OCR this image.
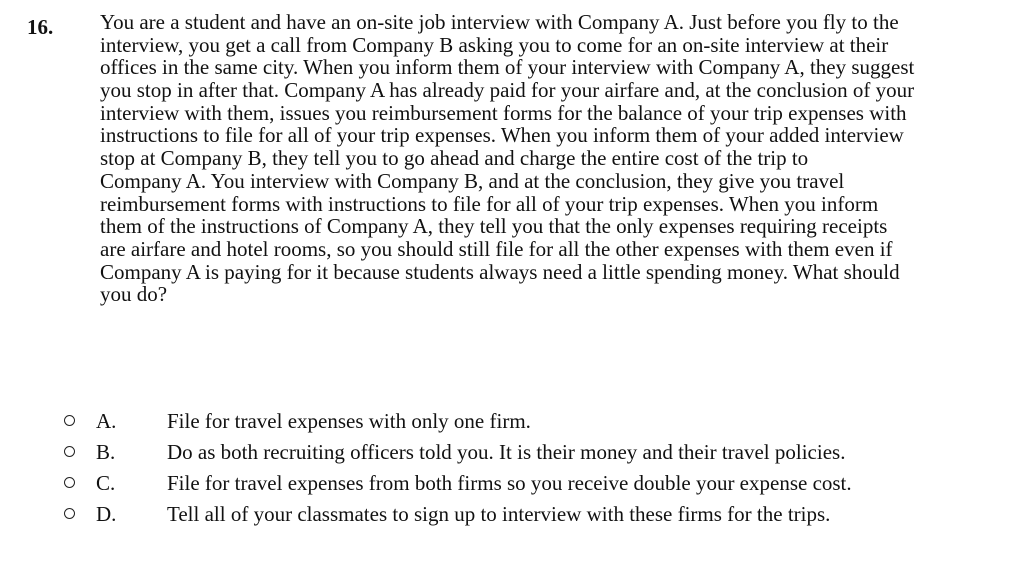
16. You are a student and have an on-site job interview with Company A. Just before you fly to the
interview, you get a call from Company B asking you to come for an on-site interview at their
offices in the same city. When you inform them of your interview with Company A, they suggest
you stop in after that. Company A has already paid for your airfare and, at the conclusion of your
interview with them, issues you reimbursement forms for the balance of your trip expenses with
instructions to file for all of your trip expenses. When you inform them of your added interview
stop at Company B, they tell you to go ahead and charge the entire cost of the trip to
Company A. You interview with Company B, and at the conclusion, they give you travel
reimbursement forms with instructions to file for all of your trip expenses. When you inform
them of the instructions of Company A, they tell you that the only expenses requiring receipts
are airfare and hotel rooms, so you should still file for all the other expenses with them even if
Company A is paying for it because students always need a little spending money. What should
you do?
A. File for travel expenses with only one firm.
B. Do as both recruiting officers told you. It is their money and their travel policies.
C. File for travel expenses from both firms so you receive double your expense cost.
D. Tell all of your classmates to sign up to interview with these firms for the trips.
